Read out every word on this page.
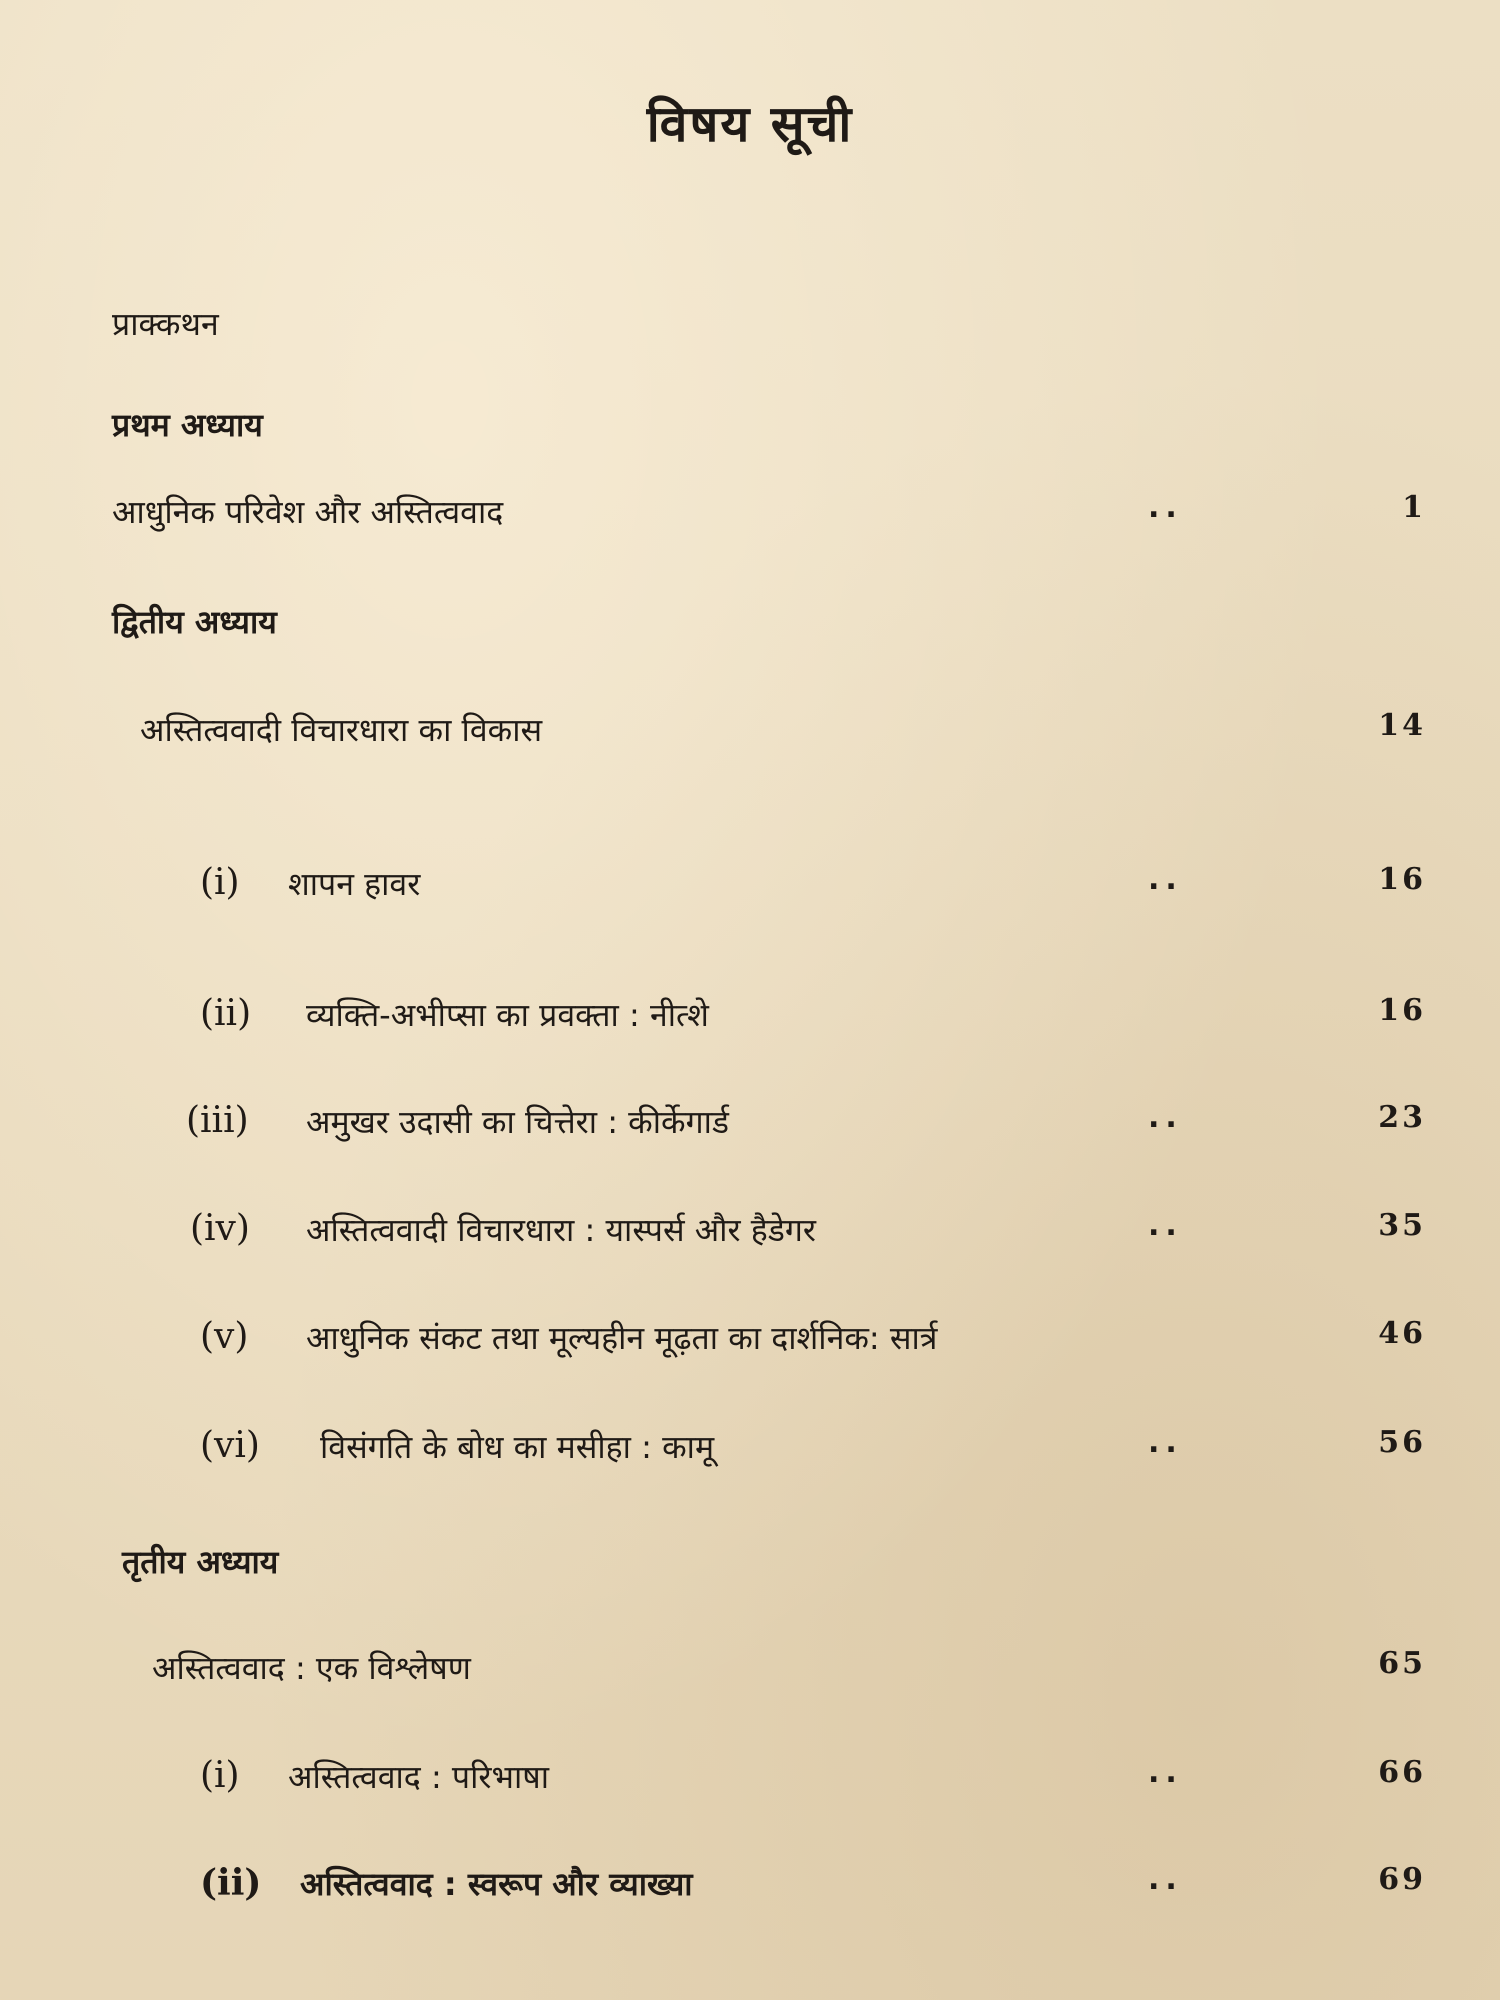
विषय सूची
प्राक्कथन
प्रथम अध्याय
आधुनिक परिवेश और अस्तित्ववाद	..	1
द्वितीय अध्याय
अस्तित्ववादी विचारधारा का विकास	14
(i) शापन हावर	..	16
(ii) व्यक्ति-अभीप्सा का प्रवक्ता : नीत्शे	16
(iii) अमुखर उदासी का चित्तेरा : कीर्केगार्ड	..	23
(iv) अस्तित्ववादी विचारधारा : यास्पर्स और हैडेगर	..	35
(v) आधुनिक संकट तथा मूल्यहीन मूढ़ता का दार्शनिक: सार्त्र	46
(vi) विसंगति के बोध का मसीहा : कामू	..	56
तृतीय अध्याय
अस्तित्ववाद : एक विश्लेषण	65
(i) अस्तित्ववाद : परिभाषा	..	66
(ii) अस्तित्ववाद : स्वरूप और व्याख्या	..	69
